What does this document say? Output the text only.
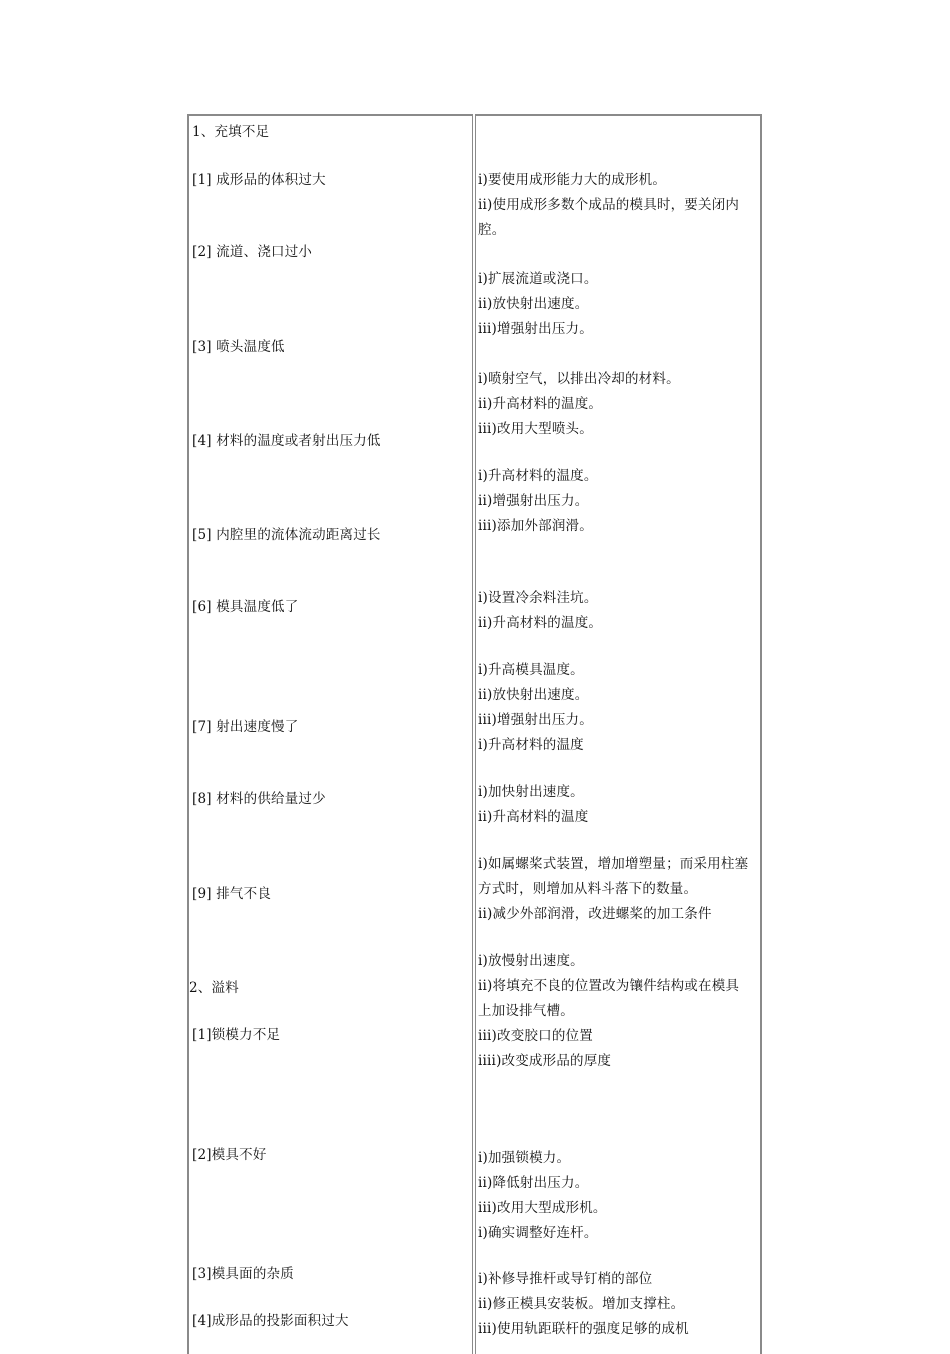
1、充填不足
[1] 成形品的体积过大
[2] 流道、浇口过小
[3] 喷头温度低
[4] 材料的温度或者射出压力低
[5] 内腔里的流体流动距离过长
[6] 模具温度低了
[7] 射出速度慢了
[8] 材料的供给量过少
[9] 排气不良
2、溢料
[1]锁模力不足
[2]模具不好
[3]模具面的杂质
[4]成形品的投影面积过大
i)要使用成形能力大的成形机。
ii)使用成形多数个成品的模具时，要关闭内
腔。
i)扩展流道或浇口。
ii)放快射出速度。
iii)增强射出压力。
i)喷射空气，以排出冷却的材料。
ii)升高材料的温度。
iii)改用大型喷头。
i)升高材料的温度。
ii)增强射出压力。
iii)添加外部润滑。
i)设置冷余料洼坑。
ii)升高材料的温度。
i)升高模具温度。
ii)放快射出速度。
iii)增强射出压力。
i)升高材料的温度
i)加快射出速度。
ii)升高材料的温度
i)如属螺桨式装置，增加增塑量；而采用柱塞
方式时，则增加从料斗落下的数量。
ii)减少外部润滑，改进螺桨的加工条件
i)放慢射出速度。
ii)将填充不良的位置改为镶件结构或在模具
上加设排气槽。
iii)改变胶口的位置
iiii)改变成形品的厚度
i)加强锁模力。
ii)降低射出压力。
iii)改用大型成形机。
i)确实调整好连杆。
i)补修导推杆或导钉梢的部位
ii)修正模具安装板。增加支撑柱。
iii)使用轨距联杆的强度足够的成机
